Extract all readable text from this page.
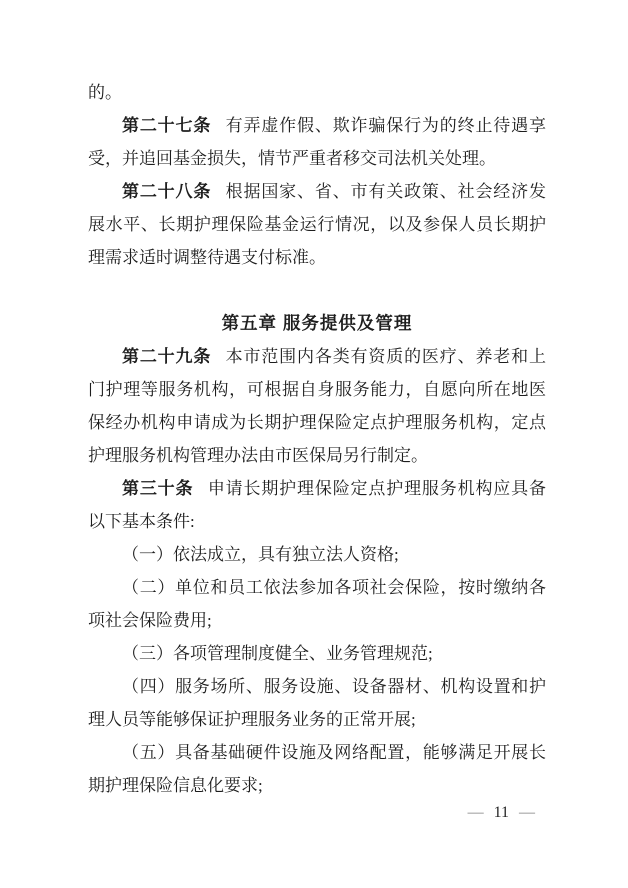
的。
第二十七条 有弄虚作假、欺诈骗保行为的终止待遇享
受，并追回基金损失，情节严重者移交司法机关处理。
第二十八条 根据国家、省、市有关政策、社会经济发
展水平、长期护理保险基金运行情况，以及参保人员长期护
理需求适时调整待遇支付标准。
第五章 服务提供及管理
第二十九条 本市范围内各类有资质的医疗、养老和上
门护理等服务机构，可根据自身服务能力，自愿向所在地医
保经办机构申请成为长期护理保险定点护理服务机构，定点
护理服务机构管理办法由市医保局另行制定。
第三十条 申请长期护理保险定点护理服务机构应具备
以下基本条件:
（一）依法成立，具有独立法人资格;
（二）单位和员工依法参加各项社会保险，按时缴纳各
项社会保险费用;
（三）各项管理制度健全、业务管理规范;
（四）服务场所、服务设施、设备器材、机构设置和护
理人员等能够保证护理服务业务的正常开展;
（五）具备基础硬件设施及网络配置，能够满足开展长
期护理保险信息化要求;
— 11 —
